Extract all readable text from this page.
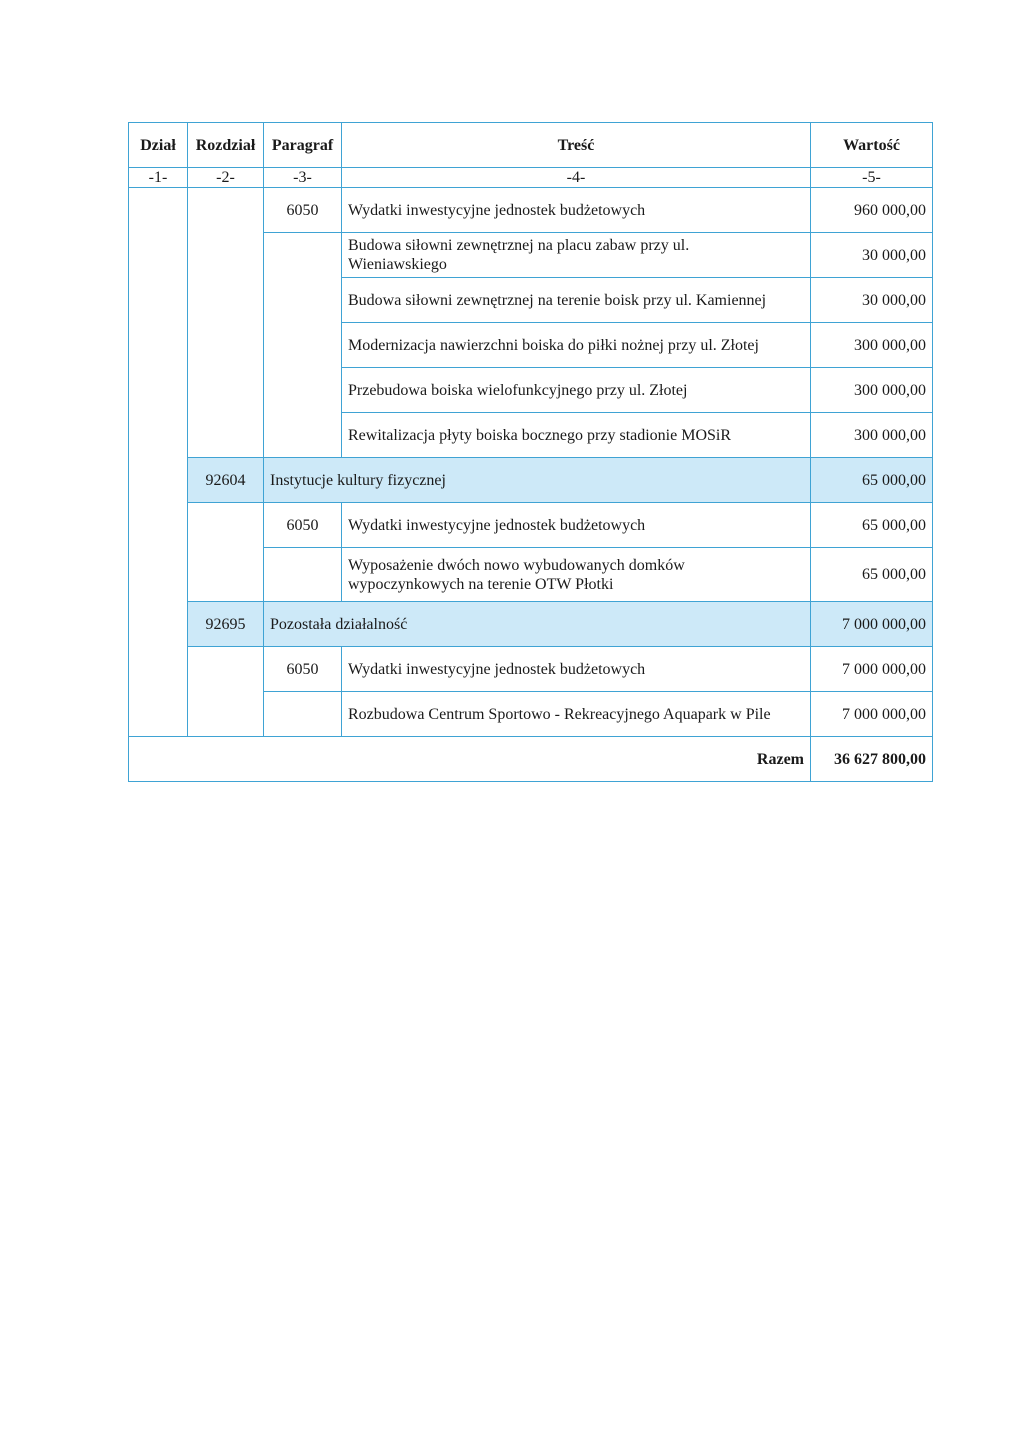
Dział	Rozdział	Paragraf	Treść	Wartość
-1-	-2-	-3-	-4-	-5-
		6050	Wydatki inwestycyjne jednostek budżetowych	960 000,00

			Budowa siłowni zewnętrznej na placu zabaw przy ul.
Wieniawskiego	30 000,00
			Budowa siłowni zewnętrznej na terenie boisk przy ul. Kamiennej	30 000,00
			Modernizacja nawierzchni boiska do piłki nożnej przy ul. Złotej	300 000,00
			Przebudowa boiska wielofunkcyjnego przy ul. Złotej	300 000,00
			Rewitalizacja płyty boiska bocznego przy stadionie MOSiR	300 000,00
	92604	Instytucje kultury fizycznej		65 000,00
		6050	Wydatki inwestycyjne jednostek budżetowych	65 000,00

			Wyposażenie dwóch nowo wybudowanych domków
wypoczynkowych na terenie OTW Płotki	65 000,00
	92695	Pozostała działalność		7 000 000,00
		6050	Wydatki inwestycyjne jednostek budżetowych	7 000 000,00
			Rozbudowa Centrum Sportowo - Rekreacyjnego Aquapark w Pile	7 000 000,00
Razem				36 627 800,00
